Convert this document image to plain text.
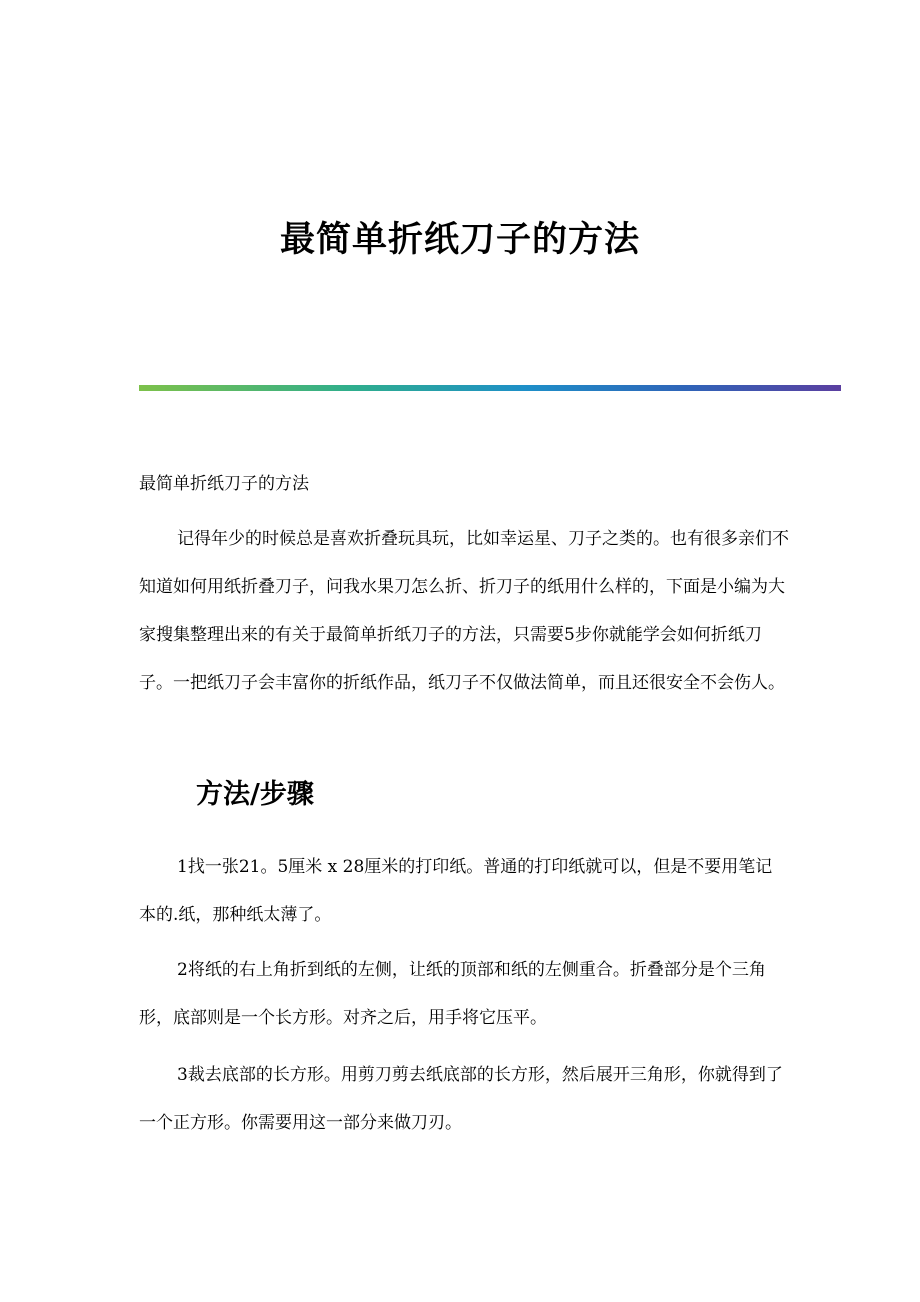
最简单折纸刀子的方法

最简单折纸刀子的方法

记得年少的时候总是喜欢折叠玩具玩，比如幸运星、刀子之类的。也有很多亲们不知道如何用纸折叠刀子，问我水果刀怎么折、折刀子的纸用什么样的，下面是小编为大家搜集整理出来的有关于最简单折纸刀子的方法，只需要5步你就能学会如何折纸刀子。一把纸刀子会丰富你的折纸作品，纸刀子不仅做法简单，而且还很安全不会伤人。

方法/步骤

1找一张21。5厘米 x 28厘米的打印纸。普通的打印纸就可以，但是不要用笔记本的.纸，那种纸太薄了。

2将纸的右上角折到纸的左侧，让纸的顶部和纸的左侧重合。折叠部分是个三角形，底部则是一个长方形。对齐之后，用手将它压平。

3裁去底部的长方形。用剪刀剪去纸底部的长方形，然后展开三角形，你就得到了一个正方形。你需要用这一部分来做刀刃。
